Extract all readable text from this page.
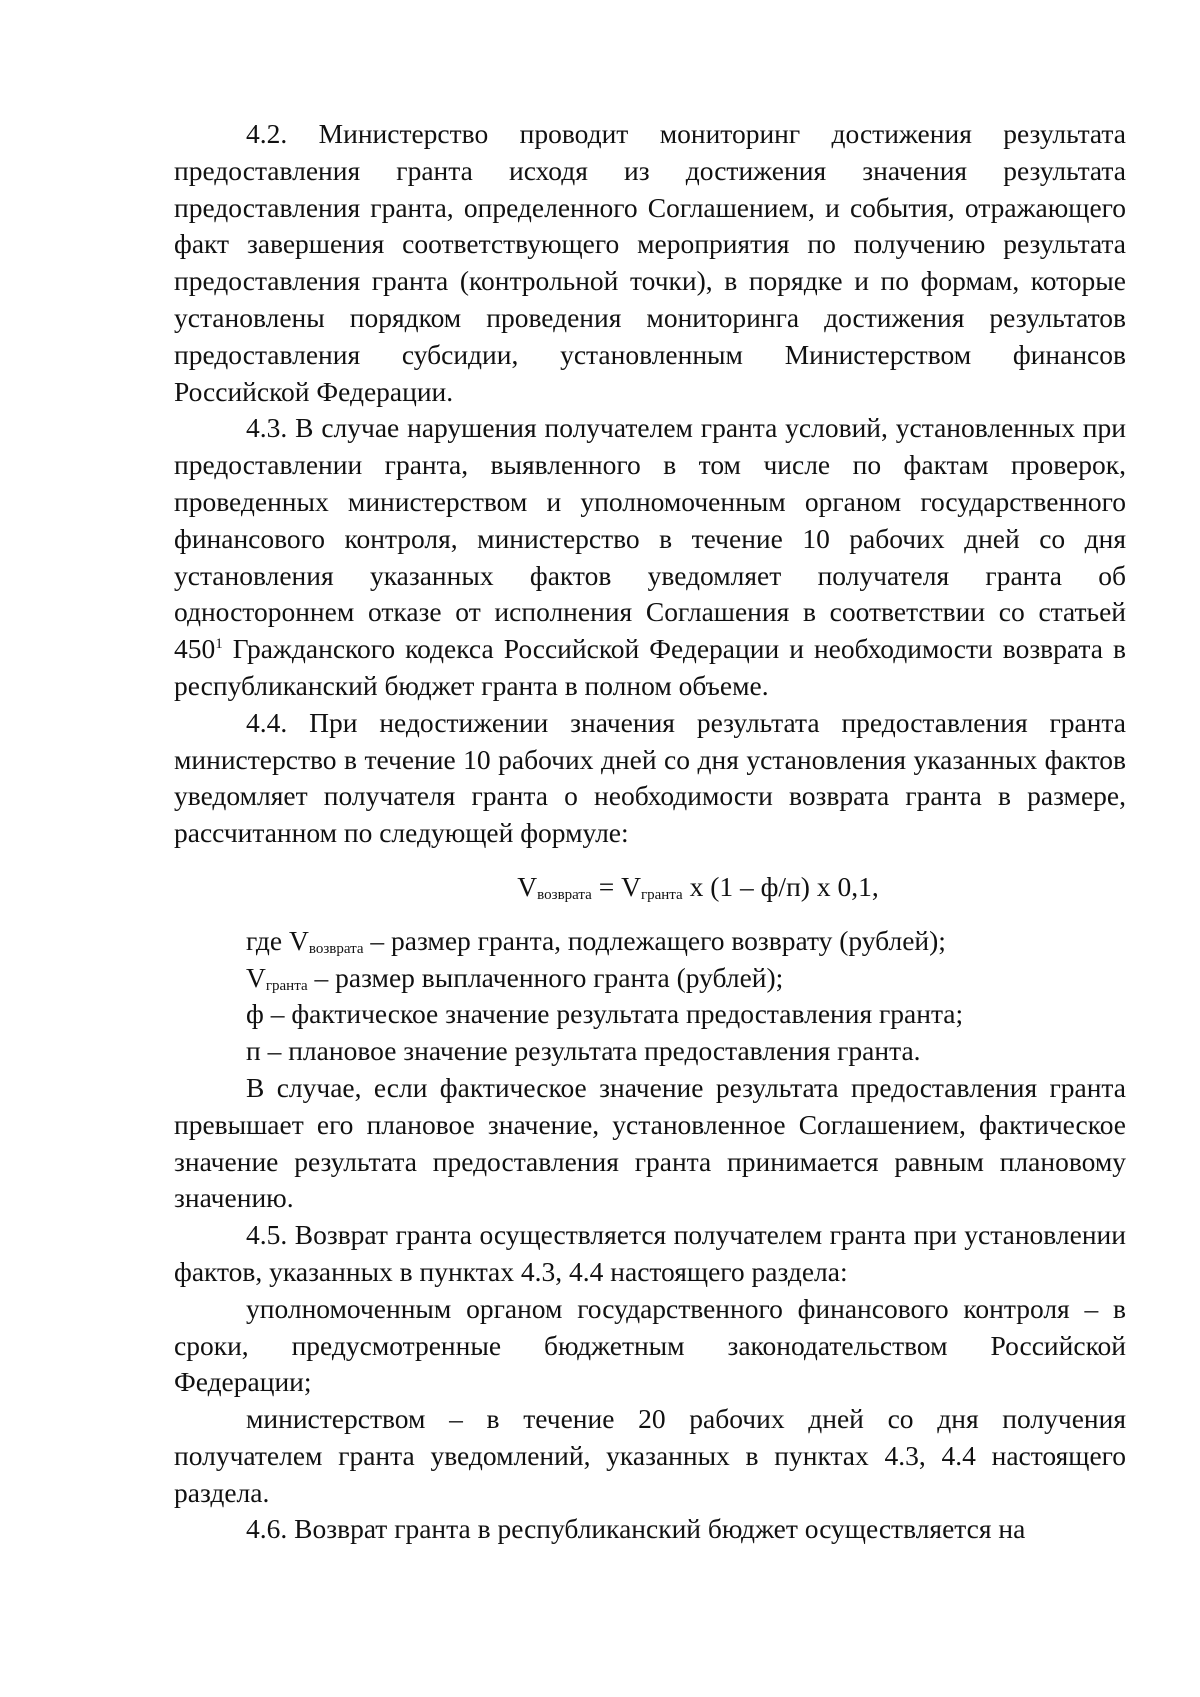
4.2. Министерство проводит мониторинг достижения результата предоставления гранта исходя из достижения значения результата предоставления гранта, определенного Соглашением, и события, отражающего факт завершения соответствующего мероприятия по получению результата предоставления гранта (контрольной точки), в порядке и по формам, которые установлены порядком проведения мониторинга достижения результатов предоставления субсидии, установленным Министерством финансов Российской Федерации.

4.3. В случае нарушения получателем гранта условий, установленных при предоставлении гранта, выявленного в том числе по фактам проверок, проведенных министерством и уполномоченным органом государственного финансового контроля, министерство в течение 10 рабочих дней со дня установления указанных фактов уведомляет получателя гранта об одностороннем отказе от исполнения Соглашения в соответствии со статьей $450^1$ Гражданского кодекса Российской Федерации и необходимости возврата в республиканский бюджет гранта в полном объеме.

4.4. При недостижении значения результата предоставления гранта министерство в течение 10 рабочих дней со дня установления указанных фактов уведомляет получателя гранта о необходимости возврата гранта в размере, рассчитанном по следующей формуле:

$V_{возврата} = V_{гранта}$ х (1 – ф/п) х 0,1,

где $V_{возврата}$ – размер гранта, подлежащего возврату (рублей);

$V_{гранта}$ – размер выплаченного гранта (рублей);

ф – фактическое значение результата предоставления гранта;

п – плановое значение результата предоставления гранта.

В случае, если фактическое значение результата предоставления гранта превышает его плановое значение, установленное Соглашением, фактическое значение результата предоставления гранта принимается равным плановому значению.

4.5. Возврат гранта осуществляется получателем гранта при установлении фактов, указанных в пунктах 4.3, 4.4 настоящего раздела:

уполномоченным органом государственного финансового контроля – в сроки, предусмотренные бюджетным законодательством Российской Федерации;

министерством – в течение 20 рабочих дней со дня получения получателем гранта уведомлений, указанных в пунктах 4.3, 4.4 настоящего раздела.

4.6. Возврат гранта в республиканский бюджет осуществляется на
